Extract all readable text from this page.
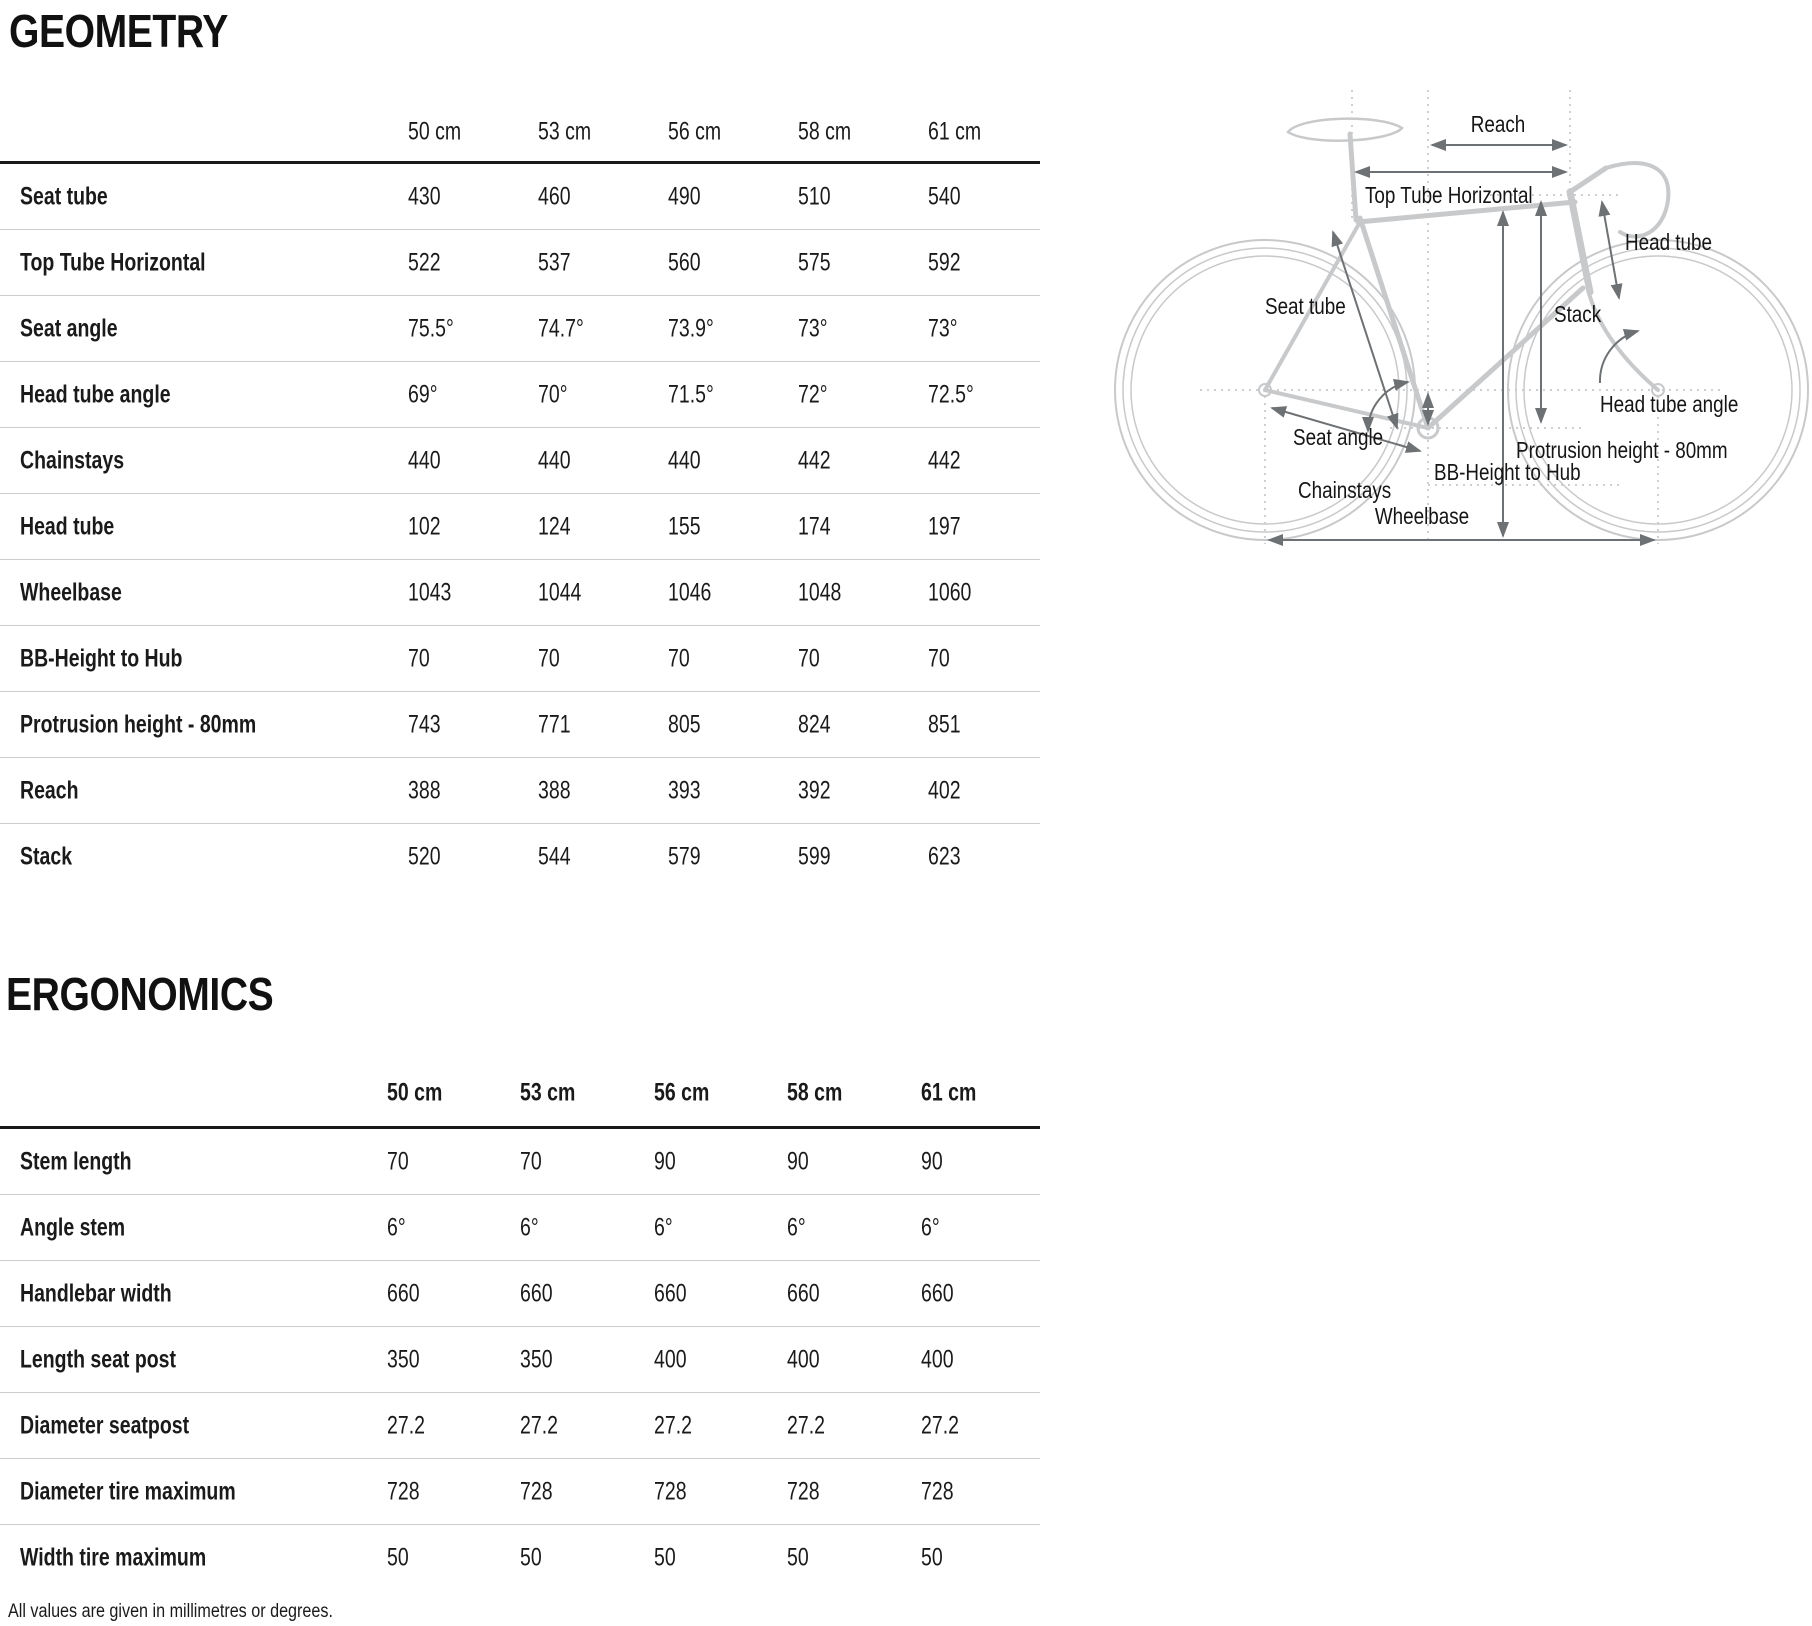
GEOMETRY
50 cm	53 cm	56 cm	58 cm	61 cm
Seat tube	430	460	490	510	540
Top Tube Horizontal	522	537	560	575	592
Seat angle	75.5°	74.7°	73.9°	73°	73°
Head tube angle	69°	70°	71.5°	72°	72.5°
Chainstays	440	440	440	442	442
Head tube	102	124	155	174	197
Wheelbase	1043	1044	1046	1048	1060
BB-Height to Hub	70	70	70	70	70
Protrusion height - 80mm	743	771	805	824	851
Reach	388	388	393	392	402
Stack	520	544	579	599	623
Reach
Top Tube Horizontal
Head tube
Seat tube	Stack
Head tube angle
Seat angle
BB-Height to Hub
Chainstays
Protrusion height - 80mm
Wheelbase
ERGONOMICS
50 cm	53 cm	56 cm	58 cm	61 cm
Stem length	70	70	90	90	90
Angle stem	6°	6°	6°	6°	6°
Handlebar width	660	660	660	660	660
Length seat post	350	350	400	400	400
Diameter seatpost	27.2	27.2	27.2	27.2	27.2
Diameter tire maximum	728	728	728	728	728
Width tire maximum	50	50	50	50	50
All values are given in millimetres or degrees.
